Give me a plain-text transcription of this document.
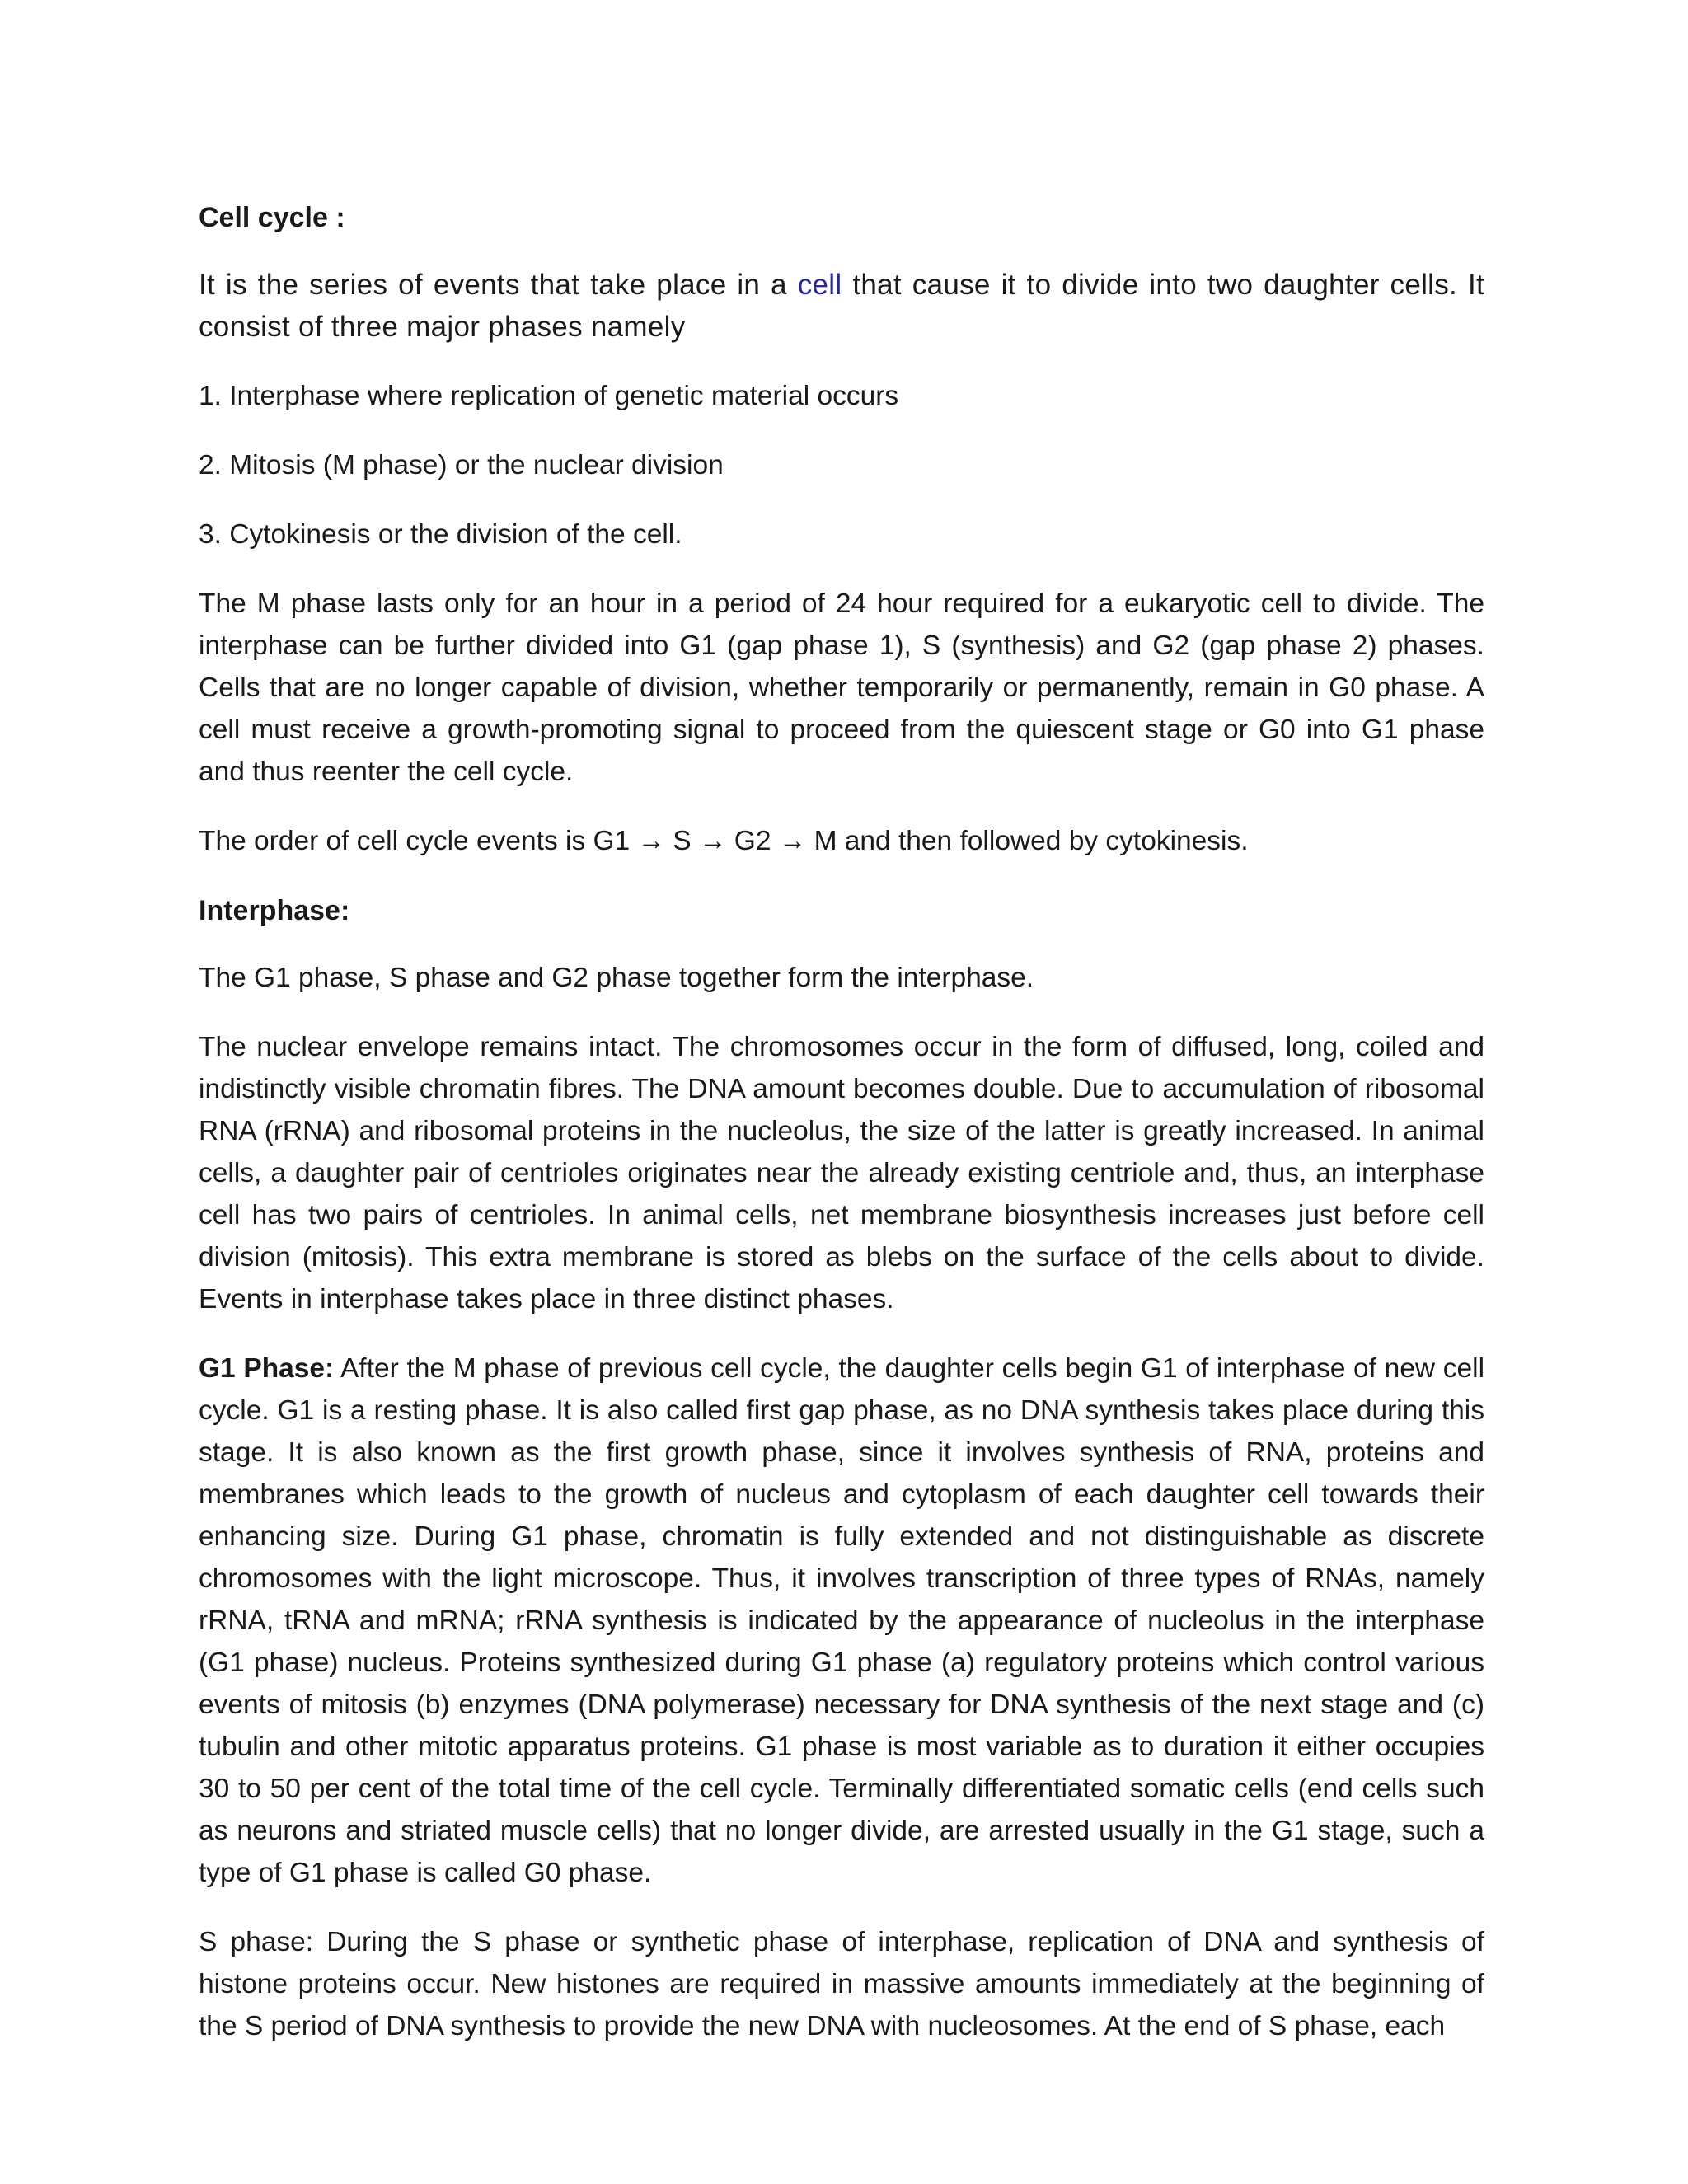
Cell cycle :

It is the series of events that take place in a cell that cause it to divide into two daughter cells. It consist of three major phases namely

1. Interphase where replication of genetic material occurs
2. Mitosis (M phase) or the nuclear division
3. Cytokinesis or the division of the cell.

The M phase lasts only for an hour in a period of 24 hour required for a eukaryotic cell to divide. The interphase can be further divided into G1 (gap phase 1), S (synthesis) and G2 (gap phase 2) phases. Cells that are no longer capable of division, whether temporarily or permanently, remain in G0 phase. A cell must receive a growth-promoting signal to proceed from the quiescent stage or G0 into G1 phase and thus reenter the cell cycle.

The order of cell cycle events is G1 → S → G2 → M and then followed by cytokinesis.

Interphase:

The G1 phase, S phase and G2 phase together form the interphase.

The nuclear envelope remains intact. The chromosomes occur in the form of diffused, long, coiled and indistinctly visible chromatin fibres. The DNA amount becomes double. Due to accumulation of ribosomal RNA (rRNA) and ribosomal proteins in the nucleolus, the size of the latter is greatly increased. In animal cells, a daughter pair of centrioles originates near the already existing centriole and, thus, an interphase cell has two pairs of centrioles. In animal cells, net membrane biosynthesis increases just before cell division (mitosis). This extra membrane is stored as blebs on the surface of the cells about to divide. Events in interphase takes place in three distinct phases.

G1 Phase: After the M phase of previous cell cycle, the daughter cells begin G1 of interphase of new cell cycle. G1 is a resting phase. It is also called first gap phase, as no DNA synthesis takes place during this stage. It is also known as the first growth phase, since it involves synthesis of RNA, proteins and membranes which leads to the growth of nucleus and cytoplasm of each daughter cell towards their enhancing size. During G1 phase, chromatin is fully extended and not distinguishable as discrete chromosomes with the light microscope. Thus, it involves transcription of three types of RNAs, namely rRNA, tRNA and mRNA; rRNA synthesis is indicated by the appearance of nucleolus in the interphase (G1 phase) nucleus. Proteins synthesized during G1 phase (a) regulatory proteins which control various events of mitosis (b) enzymes (DNA polymerase) necessary for DNA synthesis of the next stage and (c) tubulin and other mitotic apparatus proteins. G1 phase is most variable as to duration it either occupies 30 to 50 per cent of the total time of the cell cycle. Terminally differentiated somatic cells (end cells such as neurons and striated muscle cells) that no longer divide, are arrested usually in the G1 stage, such a type of G1 phase is called G0 phase.

S phase: During the S phase or synthetic phase of interphase, replication of DNA and synthesis of histone proteins occur. New histones are required in massive amounts immediately at the beginning of the S period of DNA synthesis to provide the new DNA with nucleosomes. At the end of S phase, each
